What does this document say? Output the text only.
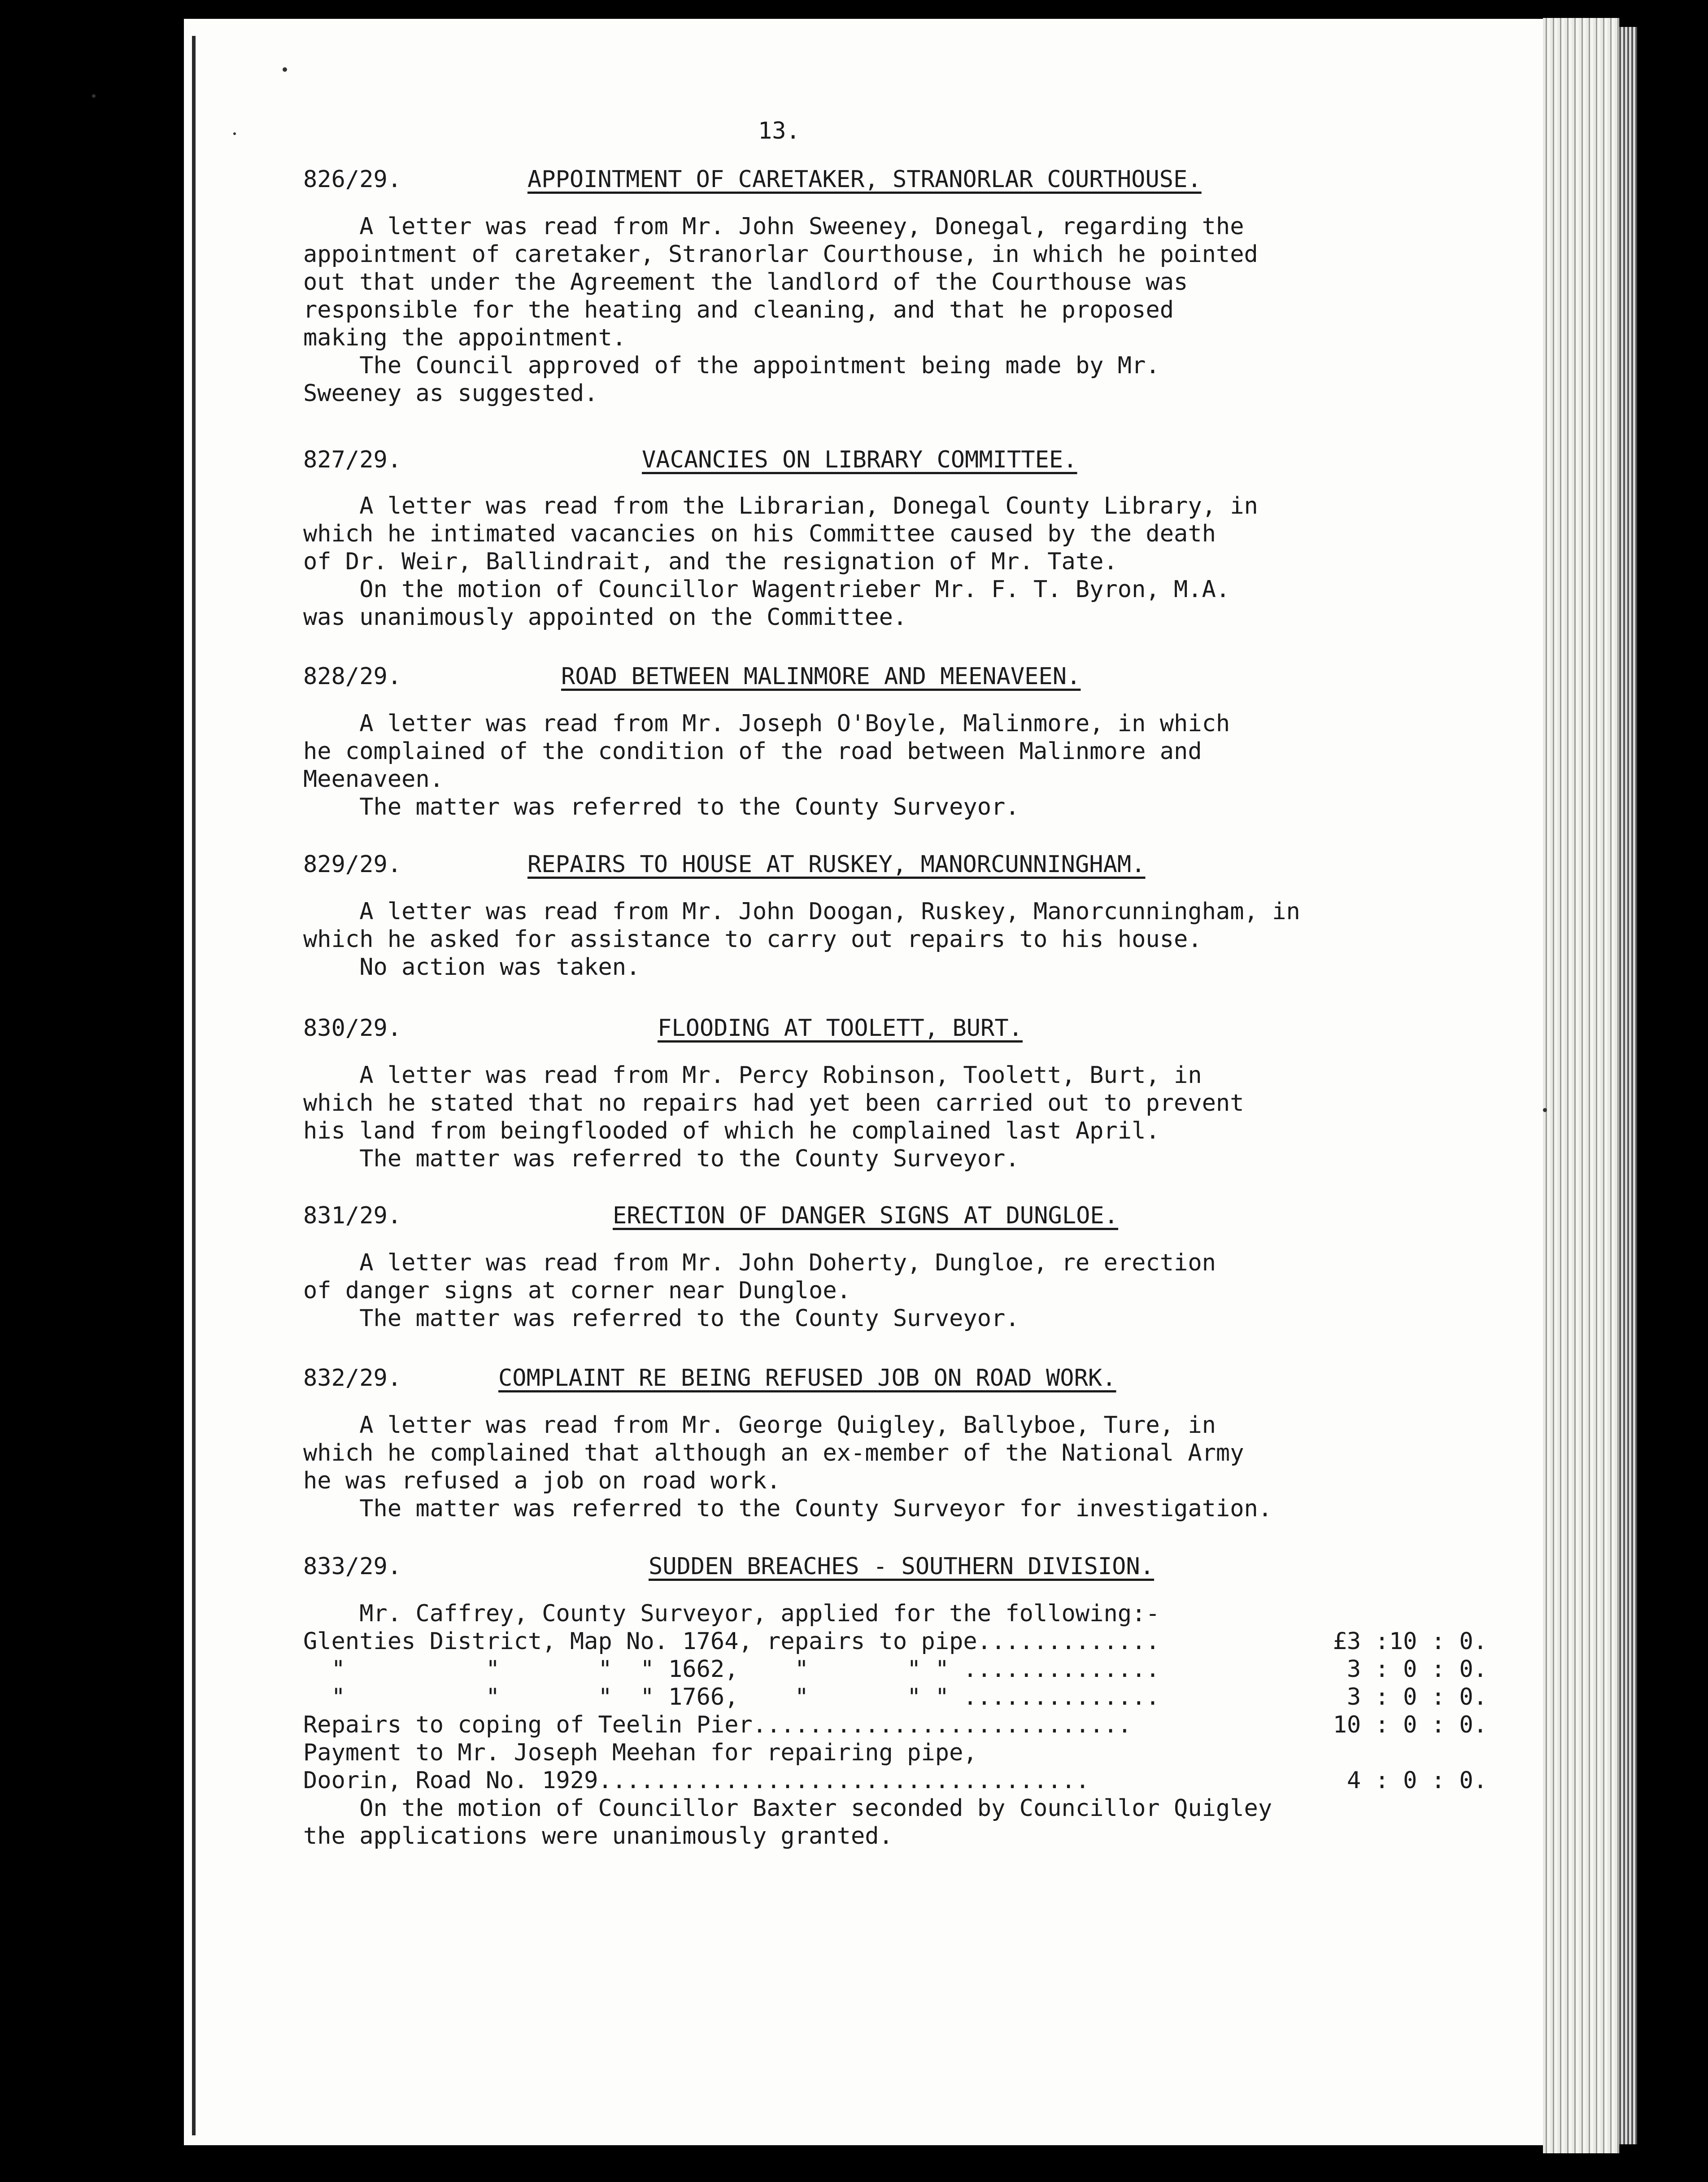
13.
826/29.	APPOINTMENT OF CARETAKER, STRANORLAR COURTHOUSE.

A letter was read from Mr. John Sweeney, Donegal, regarding the

appointment of caretaker, Stranorlar Courthouse, in which he pointed

out that under the Agreement the landlord of the Courthouse was

responsible for the heating and cleaning, and that he proposed

making the appointment.

The Council approved of the appointment being made by Mr.

Sweeney as suggested.

827/29.	VACANCIES ON LIBRARY COMMITTEE.

A letter was read from the Librarian, Donegal County Library, in

which he intimated vacancies on his Committee caused by the death

of Dr. Weir, Ballindrait, and the resignation of Mr. Tate.

On the motion of Councillor Wagentrieber Mr. F. T. Byron, M.A.

was unanimously appointed on the Committee.

828/29.	ROAD BETWEEN MALINMORE AND MEENAVEEN.

A letter was read from Mr. Joseph O'Boyle, Malinmore, in which

he complained of the condition of the road between Malinmore and

Meenaveen.

The matter was referred to the County Surveyor.

829/29.	REPAIRS TO HOUSE AT RUSKEY, MANORCUNNINGHAM.

A letter was read from Mr. John Doogan, Ruskey, Manorcunningham, in

which he asked for assistance to carry out repairs to his house.

No action was taken.

830/29.	FLOODING AT TOOLETT, BURT.

A letter was read from Mr. Percy Robinson, Toolett, Burt, in

which he stated that no repairs had yet been carried out to prevent

his land from beingflooded of which he complained last April.

The matter was referred to the County Surveyor.

831/29.	ERECTION OF DANGER SIGNS AT DUNGLOE.

A letter was read from Mr. John Doherty, Dungloe, re erection

of danger signs at corner near Dungloe.

The matter was referred to the County Surveyor.

832/29.	COMPLAINT RE BEING REFUSED JOB ON ROAD WORK.

A letter was read from Mr. George Quigley, Ballyboe, Ture, in

which he complained that although an ex-member of the National Army

he was refused a job on road work.

The matter was referred to the County Surveyor for investigation.

833/29.	SUDDEN BREACHES - SOUTHERN DIVISION.

Mr. Caffrey, County Surveyor, applied for the following:-

Glenties District, Map No. 1764, repairs to pipe.............	£3 :10 : 0.
"          "       "  " 1662,    "       " " ..............	3 : 0 : 0.
"          "       "  " 1766,    "       " " ..............	3 : 0 : 0.
Repairs to coping of Teelin Pier...........................	10 : 0 : 0.
Payment to Mr. Joseph Meehan for repairing pipe,
Doorin, Road No. 1929...................................	4 : 0 : 0.

On the motion of Councillor Baxter seconded by Councillor Quigley

the applications were unanimously granted.
